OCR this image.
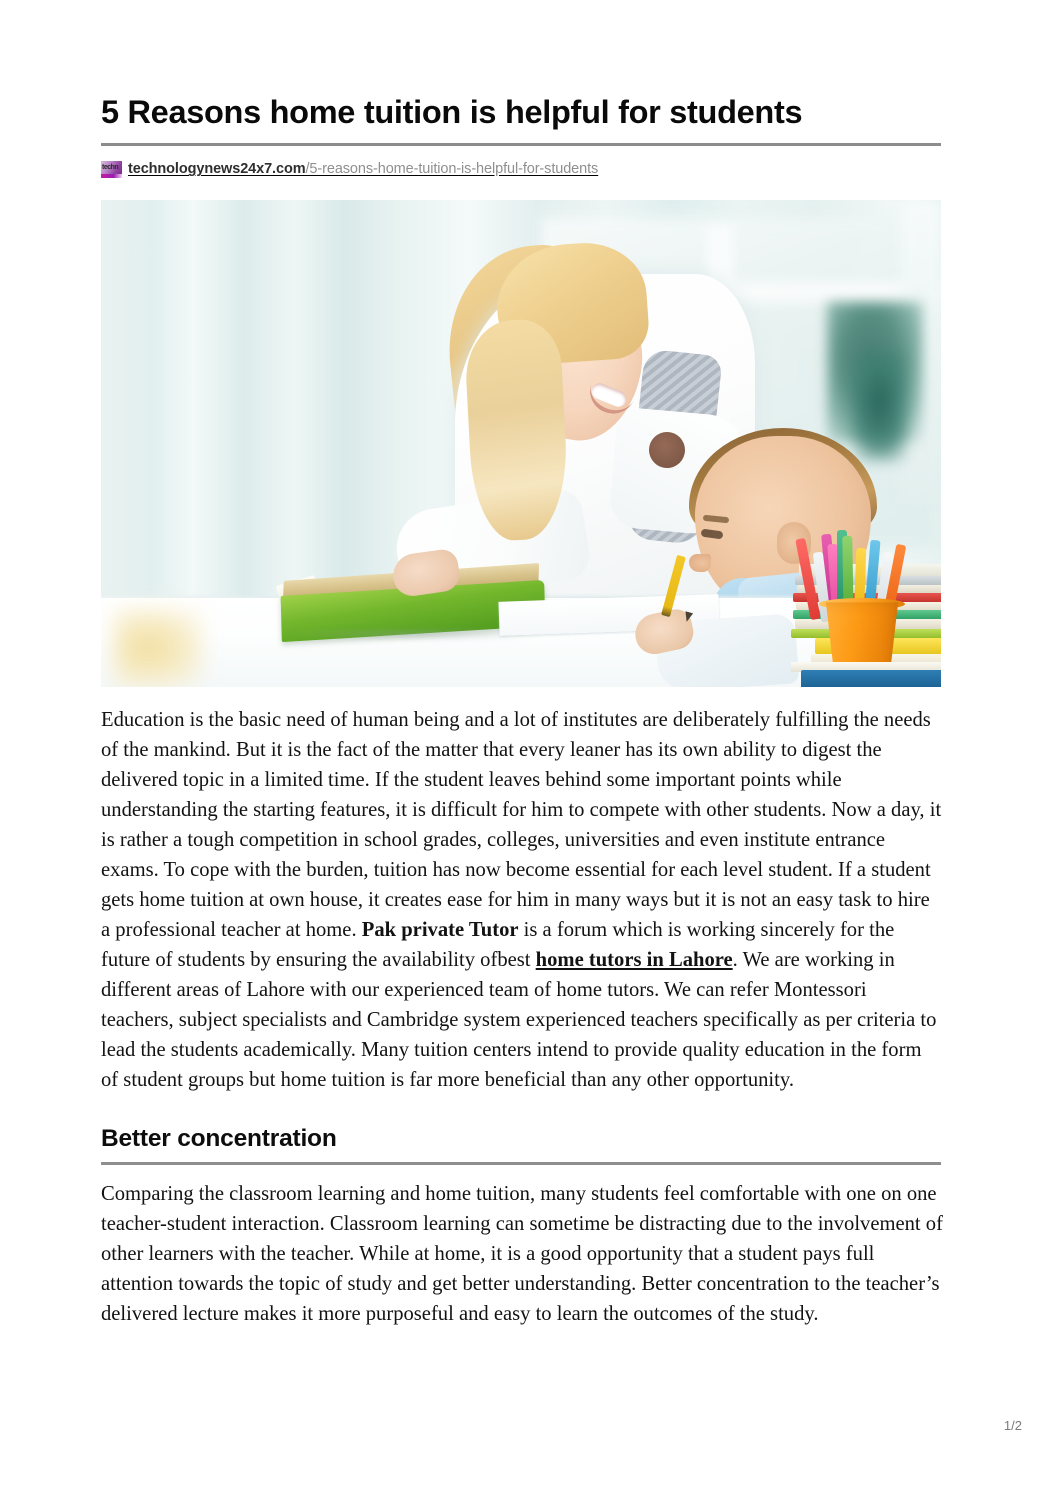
5 Reasons home tuition is helpful for students
techn technologynews24x7.com/5-reasons-home-tuition-is-helpful-for-students

Education is the basic need of human being and a lot of institutes are deliberately fulfilling the needs of the mankind. But it is the fact of the matter that every leaner has its own ability to digest the delivered topic in a limited time. If the student leaves behind some important points while understanding the starting features, it is difficult for him to compete with other students. Now a day, it is rather a tough competition in school grades, colleges, universities and even institute entrance exams. To cope with the burden, tuition has now become essential for each level student. If a student gets home tuition at own house, it creates ease for him in many ways but it is not an easy task to hire a professional teacher at home. Pak private Tutor is a forum which is working sincerely for the future of students by ensuring the availability ofbest home tutors in Lahore. We are working in different areas of Lahore with our experienced team of home tutors. We can refer Montessori teachers, subject specialists and Cambridge system experienced teachers specifically as per criteria to lead the students academically. Many tuition centers intend to provide quality education in the form of student groups but home tuition is far more beneficial than any other opportunity.

Better concentration

Comparing the classroom learning and home tuition, many students feel comfortable with one on one teacher-student interaction. Classroom learning can sometime be distracting due to the involvement of other learners with the teacher. While at home, it is a good opportunity that a student pays full attention towards the topic of study and get better understanding. Better concentration to the teacher’s delivered lecture makes it more purposeful and easy to learn the outcomes of the study.

1/2
